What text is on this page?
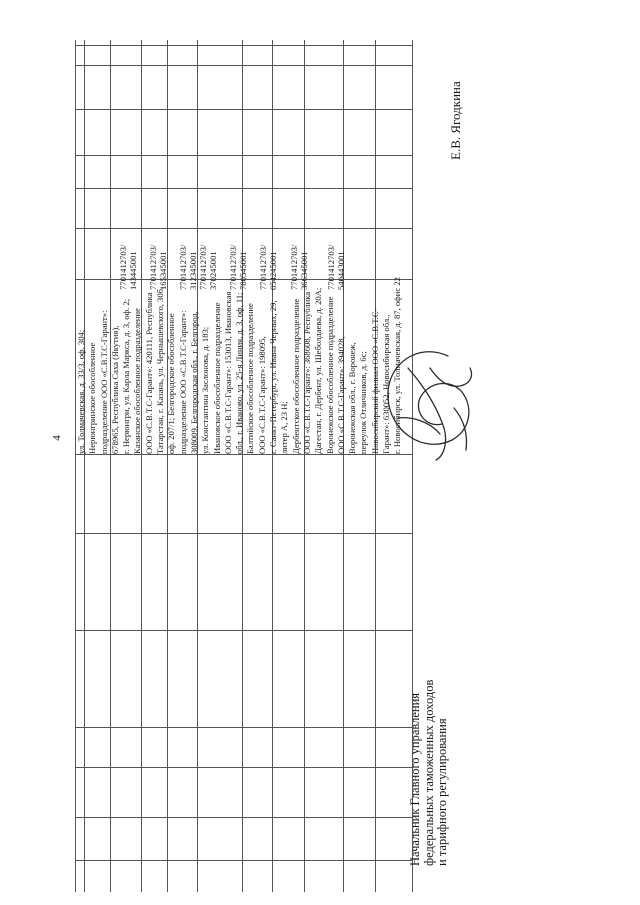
4 ул. Толмачевская, д. 33/3, оф. 304; Нерюнгринское обособленное подразделение ООО «С.В.Т.С-Гарант»: 678965, Республика Саха (Якутия), г. Нерюнгри, ул. Карла Маркса, д. 3, оф. 2; Казанское обособленное подразделение ООО «С.В.Т.С-Гарант»: 420111, Республика Татарстан, г. Казань, ул. Чернышевского, 30б, оф. 207/1; Белгородское обособленное подразделение ООО «С.В.Т.С-Гарант»: 308009, Белгородская обл., г. Белгород, ул. Константина Заслонова, д. 183; Ивановское обособленное подразделение ООО «С.В.Т.С-Гарант»: 153013, Ивановская обл., г. Иваново, ул. 25-я Линия, д. 3, оф. 11; Балтийское обособленное подразделение ООО «С.В.Т.С-Гарант»: 198095, г. Санкт-Петербург, ул. Ивана Черных, 29, литер А, 23 Н; Дербентское обособленное подразделение ООО «С.В.Т.С-Гарант»: 368608, Республика Дагестан, г. Дербент, ул. Шеболдаева, д. 20А; Воронежское обособленное подразделение ООО «С.В.Т.С-Гарант»: 394028, Воронежская обл., г. Воронеж, переулок Отличников, д. 6с; Новосибирский филиал ООО «С.В.Т.С- Гарант»: 630052, Новосибирская обл., г. Новосибирск, ул. Толмачевская, д. 87, офис 22
7701412703/ 143445001 7701412703/ 165345001 7701412703/ 312345001 7701412703/ 370245001 7701412703/ 780545001 7701412703/ 054245001 7701412703/ 366345001 7701412703/ 540443001
Начальник Главного управления федеральных таможенных доходов и тарифного регулирования
Е.В. Ягодкина
